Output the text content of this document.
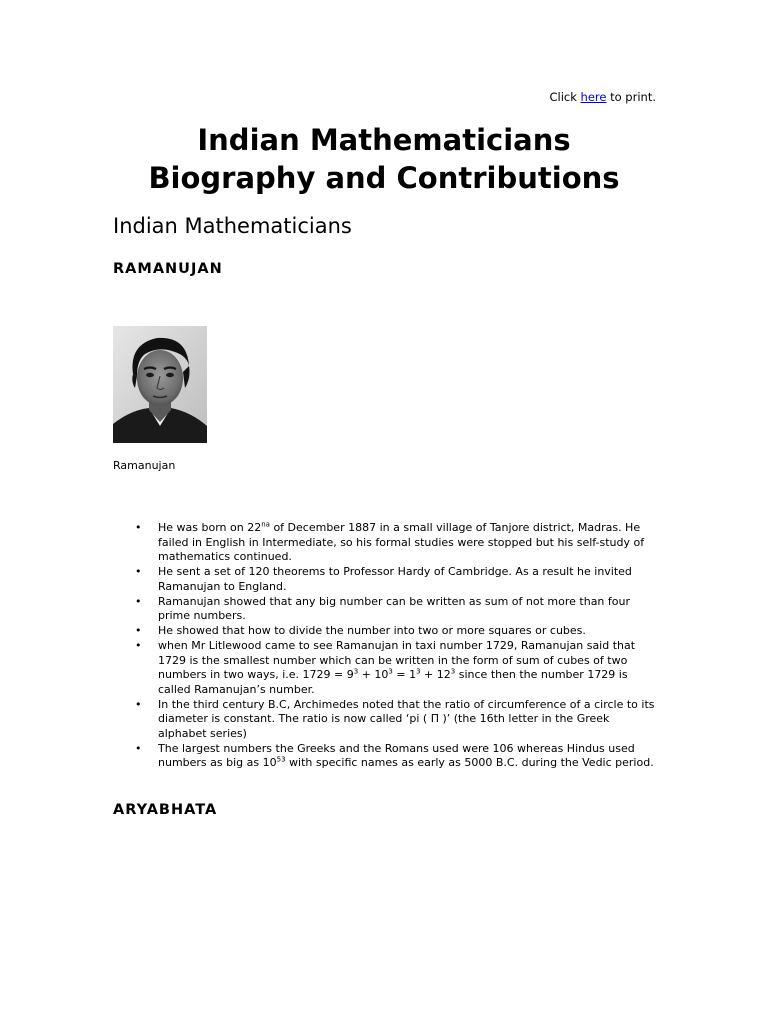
Click here to print.
Indian Mathematicians
Biography and Contributions
Indian Mathematicians
RAMANUJAN
Ramanujan
• He was born on $22^{na}$ of December 1887 in a small village of Tanjore district, Madras. He failed in English in Intermediate, so his formal studies were stopped but his self-study of mathematics continued.
• He sent a set of 120 theorems to Professor Hardy of Cambridge. As a result he invited Ramanujan to England.
• Ramanujan showed that any big number can be written as sum of not more than four prime numbers.
• He showed that how to divide the number into two or more squares or cubes.
• when Mr Litlewood came to see Ramanujan in taxi number 1729, Ramanujan said that 1729 is the smallest number which can be written in the form of sum of cubes of two numbers in two ways, i.e. $1729 = 9^3 + 10^3 = 1^3 + 12^3$ since then the number 1729 is called Ramanujan’s number.
• In the third century B.C, Archimedes noted that the ratio of circumference of a circle to its diameter is constant. The ratio is now called ‘pi ( Π )’ (the 16th letter in the Greek alphabet series)
• The largest numbers the Greeks and the Romans used were 106 whereas Hindus used numbers as big as $10^{53}$ with specific names as early as 5000 B.C. during the Vedic period.
ARYABHATA
